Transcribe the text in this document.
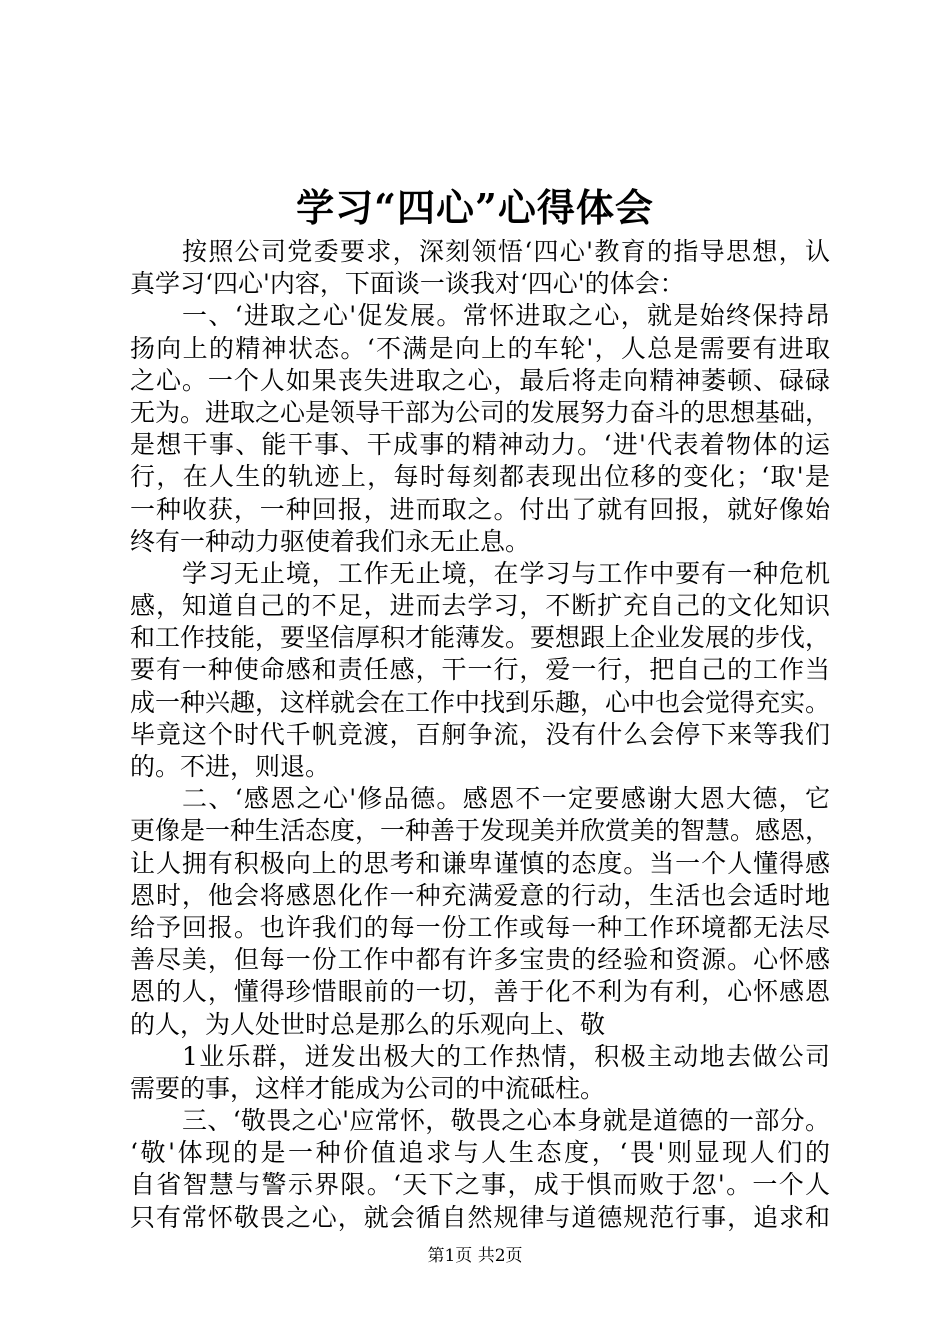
学习“四心”心得体会
按照公司党委要求，深刻领悟‘四心'教育的指导思想，认
真学习‘四心'内容，下面谈一谈我对‘四心'的体会：
一、‘进取之心'促发展。常怀进取之心，就是始终保持昂
扬向上的精神状态。‘不满是向上的车轮'，人总是需要有进取
之心。一个人如果丧失进取之心，最后将走向精神萎顿、碌碌
无为。进取之心是领导干部为公司的发展努力奋斗的思想基础，
是想干事、能干事、干成事的精神动力。‘进'代表着物体的运
行，在人生的轨迹上，每时每刻都表现出位移的变化；‘取'是
一种收获，一种回报，进而取之。付出了就有回报，就好像始
终有一种动力驱使着我们永无止息。
学习无止境，工作无止境，在学习与工作中要有一种危机
感，知道自己的不足，进而去学习，不断扩充自己的文化知识
和工作技能，要坚信厚积才能薄发。要想跟上企业发展的步伐，
要有一种使命感和责任感，干一行，爱一行，把自己的工作当
成一种兴趣，这样就会在工作中找到乐趣，心中也会觉得充实。
毕竟这个时代千帆竞渡，百舸争流，没有什么会停下来等我们
的。不进，则退。
二、‘感恩之心'修品德。感恩不一定要感谢大恩大德，它
更像是一种生活态度，一种善于发现美并欣赏美的智慧。感恩，
让人拥有积极向上的思考和谦卑谨慎的态度。当一个人懂得感
恩时，他会将感恩化作一种充满爱意的行动，生活也会适时地
给予回报。也许我们的每一份工作或每一种工作环境都无法尽
善尽美，但每一份工作中都有许多宝贵的经验和资源。心怀感
恩的人，懂得珍惜眼前的一切，善于化不利为有利，心怀感恩
的人，为人处世时总是那么的乐观向上、敬
1业乐群，迸发出极大的工作热情，积极主动地去做公司
需要的事，这样才能成为公司的中流砥柱。
三、‘敬畏之心'应常怀，敬畏之心本身就是道德的一部分。
‘敬'体现的是一种价值追求与人生态度，‘畏'则显现人们的
自省智慧与警示界限。‘天下之事，成于惧而败于忽'。一个人
只有常怀敬畏之心，就会循自然规律与道德规范行事，追求和
第1页 共2页
